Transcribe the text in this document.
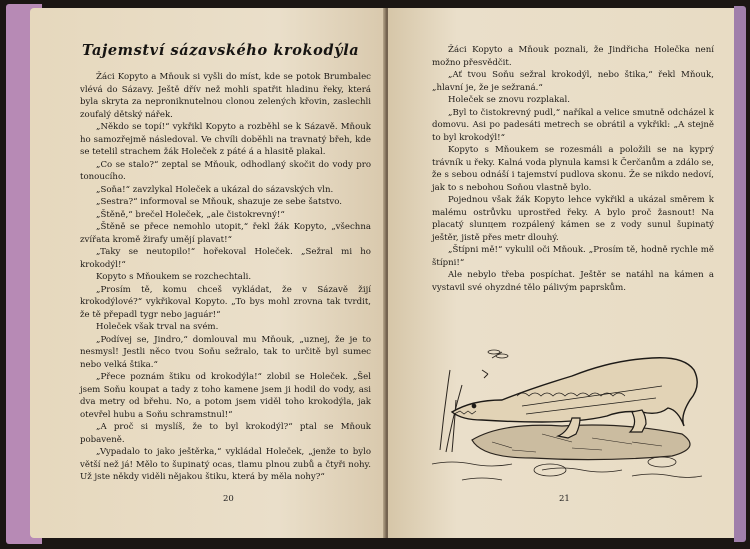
Tajemství sázavského krokodýla

Žáci Kopyto a Mňouk si vyšli do míst, kde se potok Brumbalec vlévá do Sázavy. Ještě dřív než mohli spatřit hladinu řeky, která byla skryta za neproniknutelnou clonou zelených křovin, zaslechli zoufalý dětský nářek.

„Někdo se topí!“ vykřikl Kopyto a rozběhl se k Sázavě. Mňouk ho samozřejmě následoval. Ve chvíli doběhli na travnatý břeh, kde se tetelil strachem žák Holeček z páté á a hlasitě plakal.

„Co se stalo?“ zeptal se Mňouk, odhodlaný skočit do vody pro tonoucího.

„Soňa!“ zavzlykal Holeček a ukázal do sázavských vln.

„Sestra?“ informoval se Mňouk, shazuje ze sebe šatstvo.

„Štěně,“ brečel Holeček, „ale čistokrevný!“

„Štěně se přece nemohlo utopit,“ řekl žák Kopyto, „všechna zvířata kromě žirafy umějí plavat!“

„Taky se neutopilo!“ hořekoval Holeček. „Sežral mi ho krokodýl!“

Kopyto s Mňoukem se rozchechtali.

„Prosím tě, komu chceš vykládat, že v Sázavě žijí krokodýlové?“ vykřikoval Kopyto. „To bys mohl zrovna tak tvrdit, že tě přepadl tygr nebo jaguár!“

Holeček však trval na svém.

„Podívej se, Jindro,“ domlouval mu Mňouk, „uznej, že je to nesmysl! Jestli něco tvou Soňu sežralo, tak to určitě byl sumec nebo velká štika.“

„Přece poznám štiku od krokodýla!“ zlobil se Holeček. „Šel jsem Soňu koupat a tady z toho kamene jsem ji hodil do vody, asi dva metry od břehu. No, a potom jsem viděl toho krokodýla, jak otevřel hubu a Soňu schramstnul!“

„A proč si myslíš, že to byl krokodýl?“ ptal se Mňouk pobaveně.

„Vypadalo to jako ještěrka,“ vykládal Holeček, „jenže to bylo větší než já! Mělo to šupinatý ocas, tlamu plnou zubů a čtyři nohy. Už jste někdy viděli nějakou štiku, která by měla nohy?“

20

Žáci Kopyto a Mňouk poznali, že Jindřicha Holečka není možno přesvědčit.

„Ať tvou Soňu sežral krokodýl, nebo štika,“ řekl Mňouk, „hlavní je, že je sežraná.“

Holeček se znovu rozplakal.

„Byl to čistokrevný pudl,“ naříkal a velice smutně odcházel k domovu. Asi po padesáti metrech se obrátil a vykřikl: „A stejně to byl krokodýl!“

Kopyto s Mňoukem se rozesmáli a položili se na kyprý trávník u řeky. Kalná voda plynula kamsi k Čerčanům a zdálo se, že s sebou odnáší i tajemství pudlova skonu. Že se nikdo nedoví, jak to s nebohou Soňou vlastně bylo.

Pojednou však žák Kopyto lehce vykřikl a ukázal směrem k malému ostrůvku uprostřed řeky. A bylo proč žasnout! Na placatý slunцem rozpálený kámen se z vody sunul šupinatý ještěr, jistě přes metr dlouhý.

„Štípni mě!“ vykulil oči Mňouk. „Prosím tě, hodně rychle mě štípni!“

Ale nebylo třeba pospíchat. Ještěr se natáhl na kámen a vystavil své ohyzdné tělo pálivým paprskům.

21
